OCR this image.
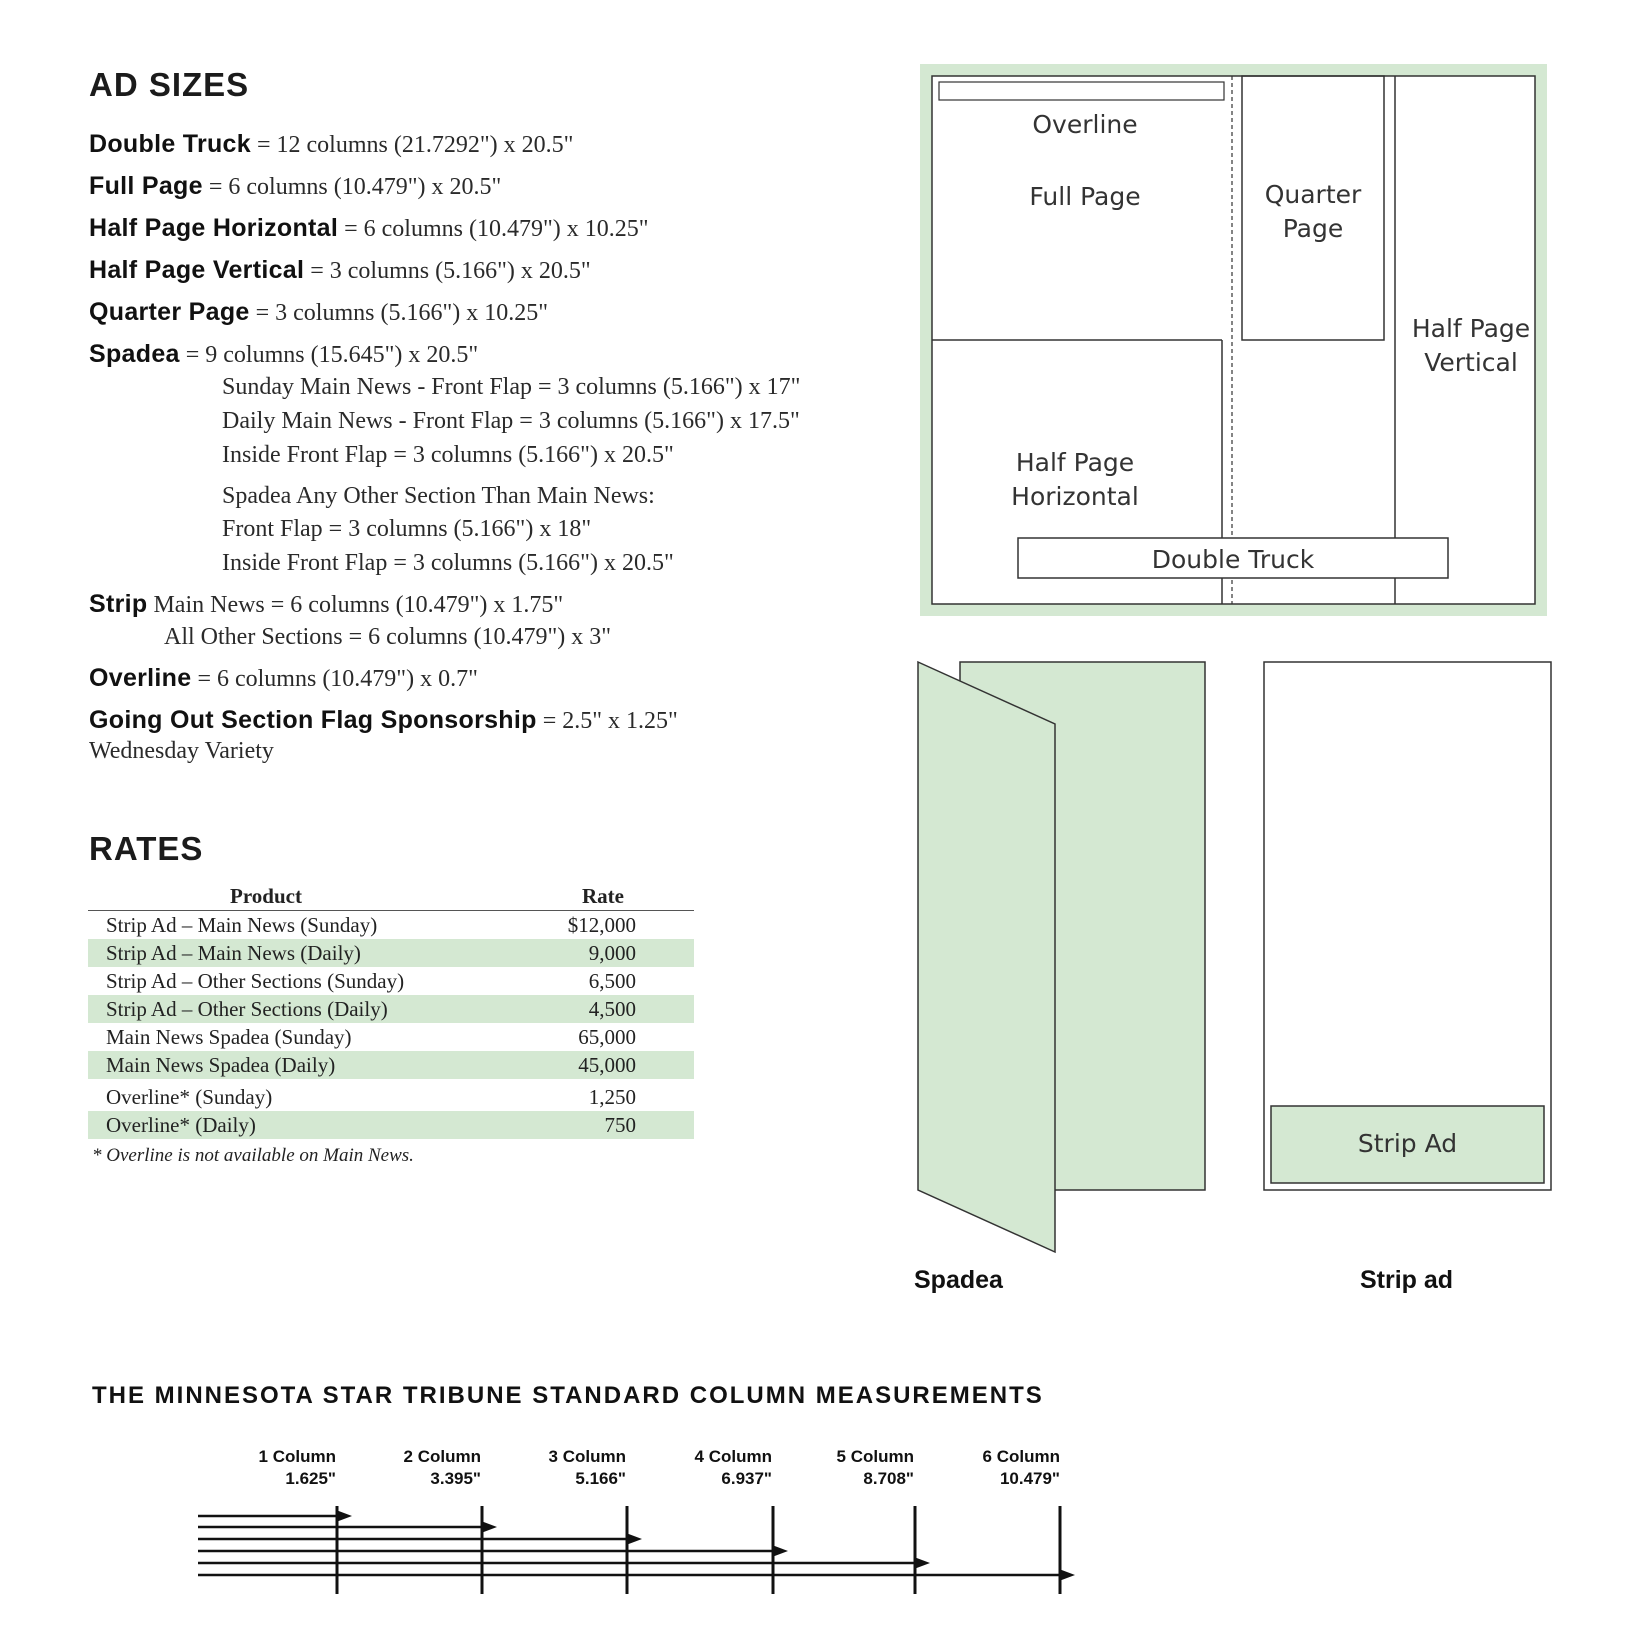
AD SIZES
Double Truck = 12 columns (21.7292") x 20.5"
Full Page = 6 columns (10.479") x 20.5"
Half Page Horizontal = 6 columns (10.479") x 10.25"
Half Page Vertical = 3 columns (5.166") x 20.5"
Quarter Page = 3 columns (5.166") x 10.25"
Spadea = 9 columns (15.645") x 20.5"
Sunday Main News - Front Flap = 3 columns (5.166") x 17"
Daily Main News - Front Flap = 3 columns (5.166") x 17.5"
Inside Front Flap = 3 columns (5.166") x 20.5"
Spadea Any Other Section Than Main News:
Front Flap = 3 columns (5.166") x 18"
Inside Front Flap = 3 columns (5.166") x 20.5"
Strip Main News = 6 columns (10.479") x 1.75"
All Other Sections = 6 columns (10.479") x 3"
Overline = 6 columns (10.479") x 0.7"
Going Out Section Flag Sponsorship = 2.5" x 1.25"
Wednesday Variety
RATES
Product	Rate
Strip Ad – Main News (Sunday)	$12,000
Strip Ad – Main News (Daily)	9,000
Strip Ad – Other Sections (Sunday)	6,500
Strip Ad – Other Sections (Daily)	4,500
Main News Spadea (Sunday)	65,000
Main News Spadea (Daily)	45,000
Overline* (Sunday)	1,250
Overline* (Daily)	750
* Overline is not available on Main News.
Overline
Full Page	Quarter
Page
Half Page
Vertical
Half Page
Horizontal
Double Truck
Strip Ad
Spadea	Strip ad
THE MINNESOTA STAR TRIBUNE STANDARD COLUMN MEASUREMENTS
1 Column
1.625"
2 Column
3.395"
3 Column
5.166"
4 Column
6.937"
5 Column
8.708"
6 Column
10.479"
